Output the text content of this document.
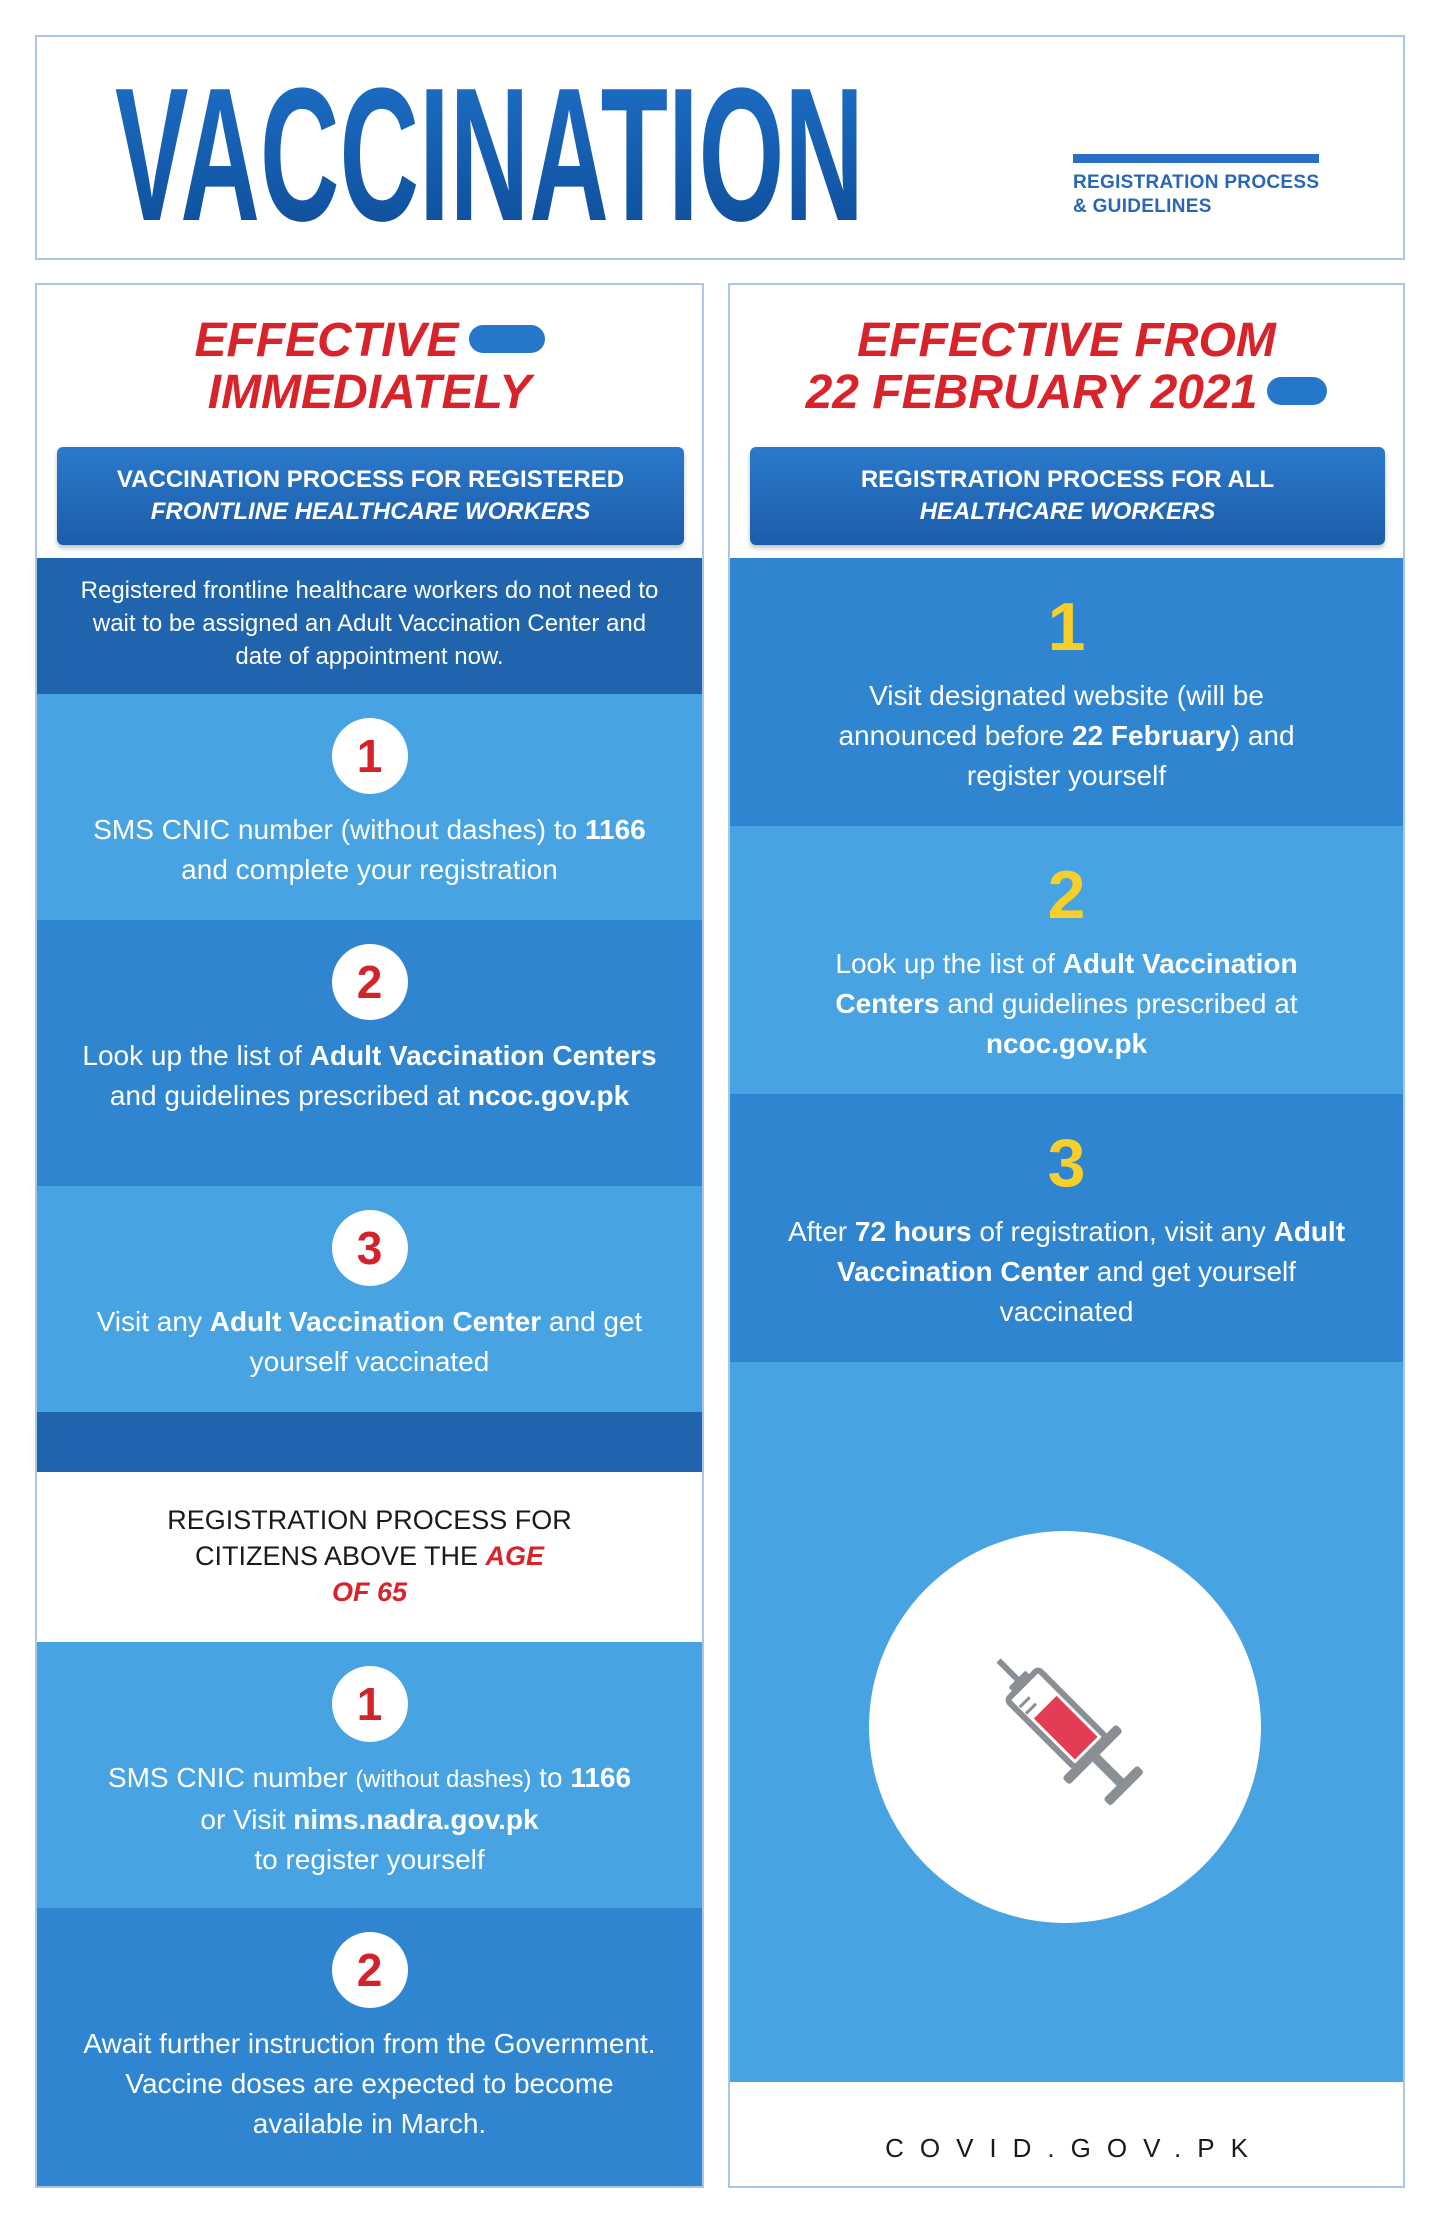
VACCINATION	REGISTRATION PROCESS
& GUIDELINES
EFFECTIVE
IMMEDIATELY
VACCINATION PROCESS FOR REGISTERED
FRONTLINE HEALTHCARE WORKERS
Registered frontline healthcare workers do not need to wait to be assigned an Adult Vaccination Center and date of appointment now.
1
SMS CNIC number (without dashes) to 1166 and complete your registration
2
Look up the list of Adult Vaccination Centers and guidelines prescribed at ncoc.gov.pk
3
Visit any Adult Vaccination Center and get yourself vaccinated
REGISTRATION PROCESS FOR
CITIZENS ABOVE THE AGE
OF 65
1
SMS CNIC number (without dashes) to 1166
or Visit nims.nadra.gov.pk
to register yourself
2
Await further instruction from the Government. Vaccine doses are expected to become available in March.
EFFECTIVE FROM
22 FEBRUARY 2021
REGISTRATION PROCESS FOR ALL
HEALTHCARE WORKERS
1
Visit designated website (will be announced before 22 February) and register yourself
2
Look up the list of Adult Vaccination Centers and guidelines prescribed at ncoc.gov.pk
3
After 72 hours of registration, visit any Adult Vaccination Center and get yourself vaccinated
COVID.GOV.PK
